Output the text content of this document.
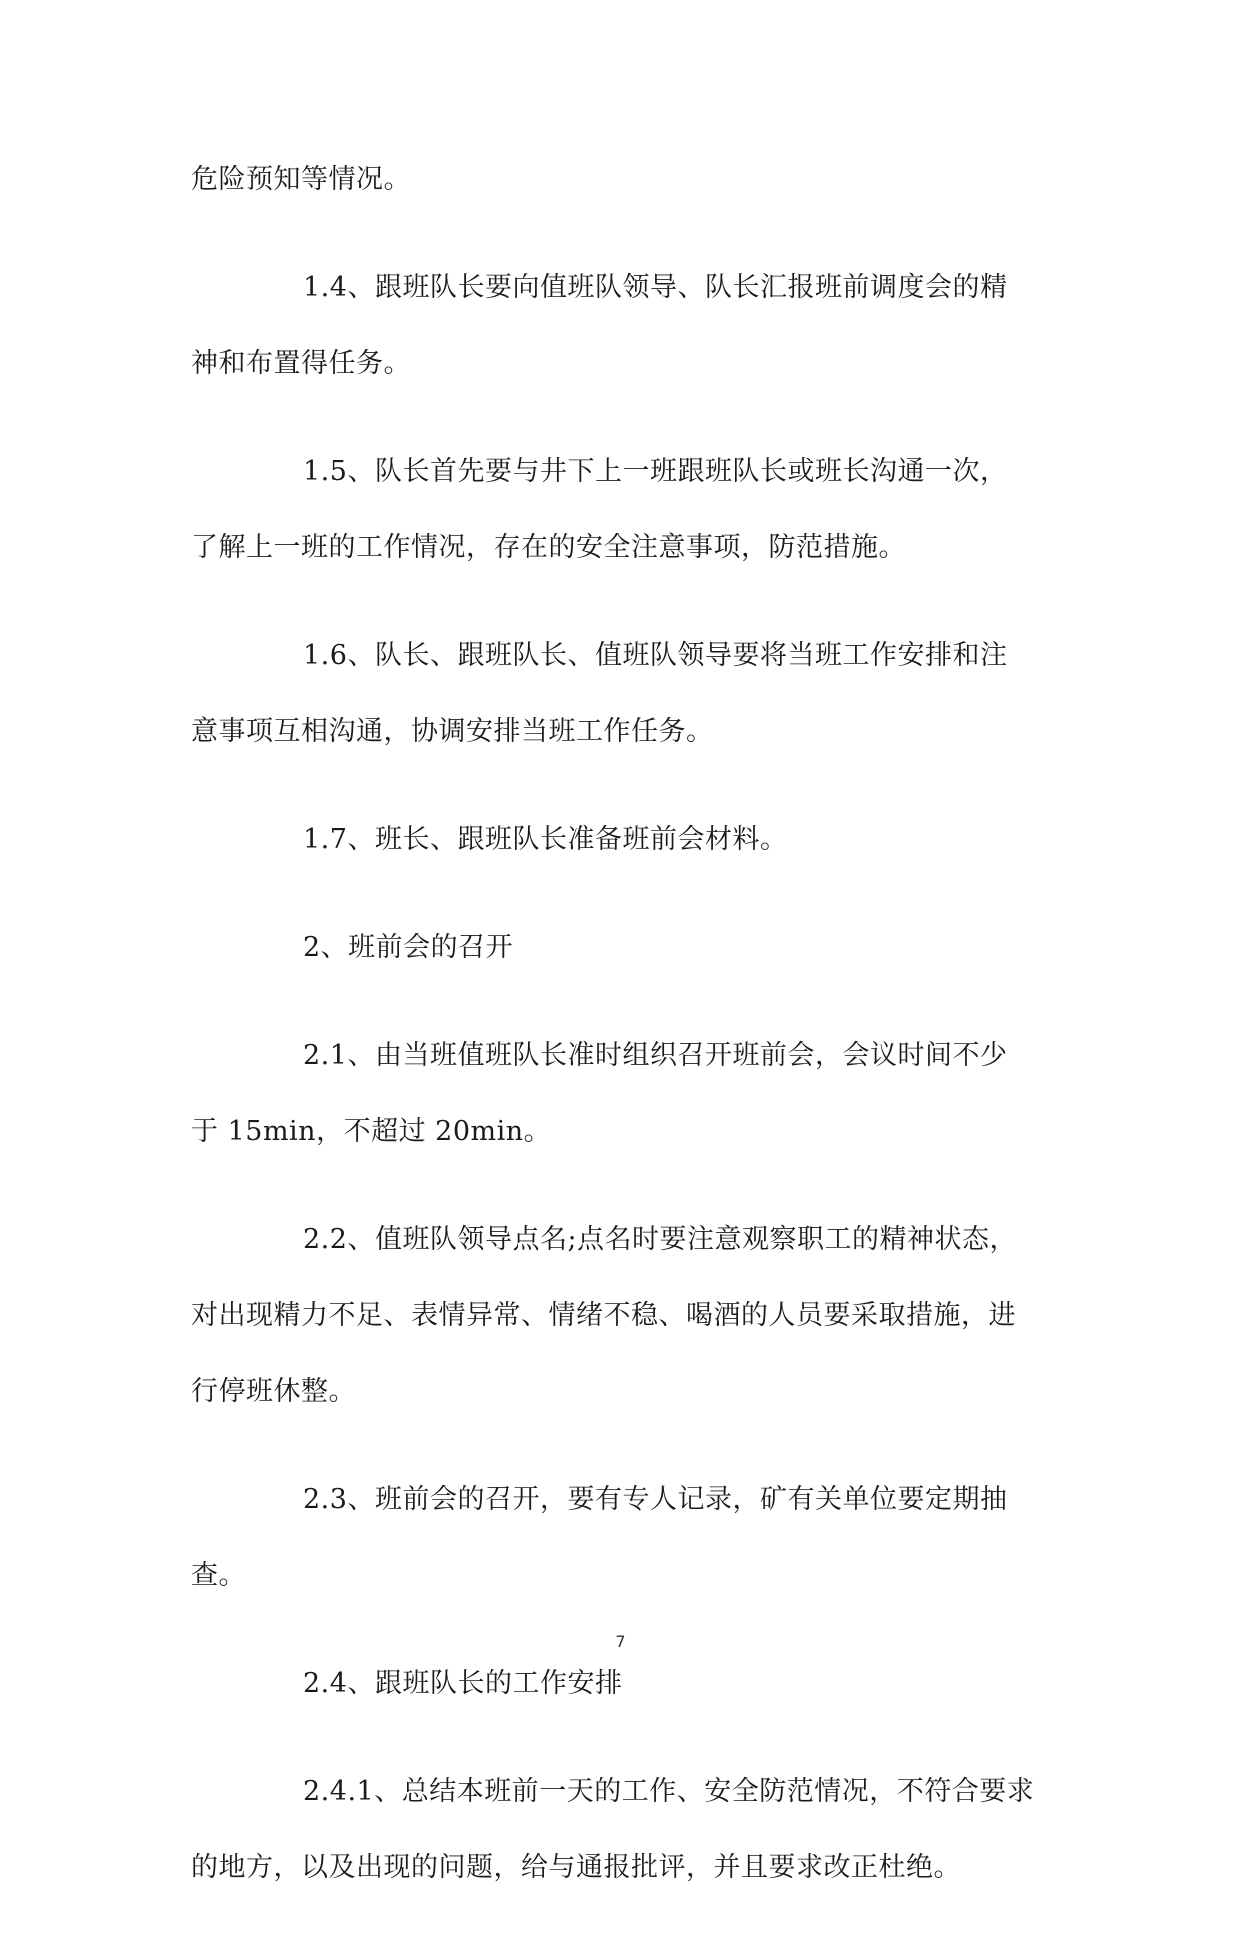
危险预知等情况。

1.4、跟班队长要向值班队领导、队长汇报班前调度会的精
神和布置得任务。

1.5、队长首先要与井下上一班跟班队长或班长沟通一次，
了解上一班的工作情况，存在的安全注意事项，防范措施。

1.6、队长、跟班队长、值班队领导要将当班工作安排和注
意事项互相沟通，协调安排当班工作任务。

1.7、班长、跟班队长准备班前会材料。

2、班前会的召开

2.1、由当班值班队长准时组织召开班前会，会议时间不少
于 15min，不超过 20min。

2.2、值班队领导点名;点名时要注意观察职工的精神状态，
对出现精力不足、表情异常、情绪不稳、喝酒的人员要采取措施，进
行停班休整。

2.3、班前会的召开，要有专人记录，矿有关单位要定期抽
查。

2.4、跟班队长的工作安排

2.4.1、总结本班前一天的工作、安全防范情况，不符合要求
的地方，以及出现的问题，给与通报批评，并且要求改正杜绝。

7
